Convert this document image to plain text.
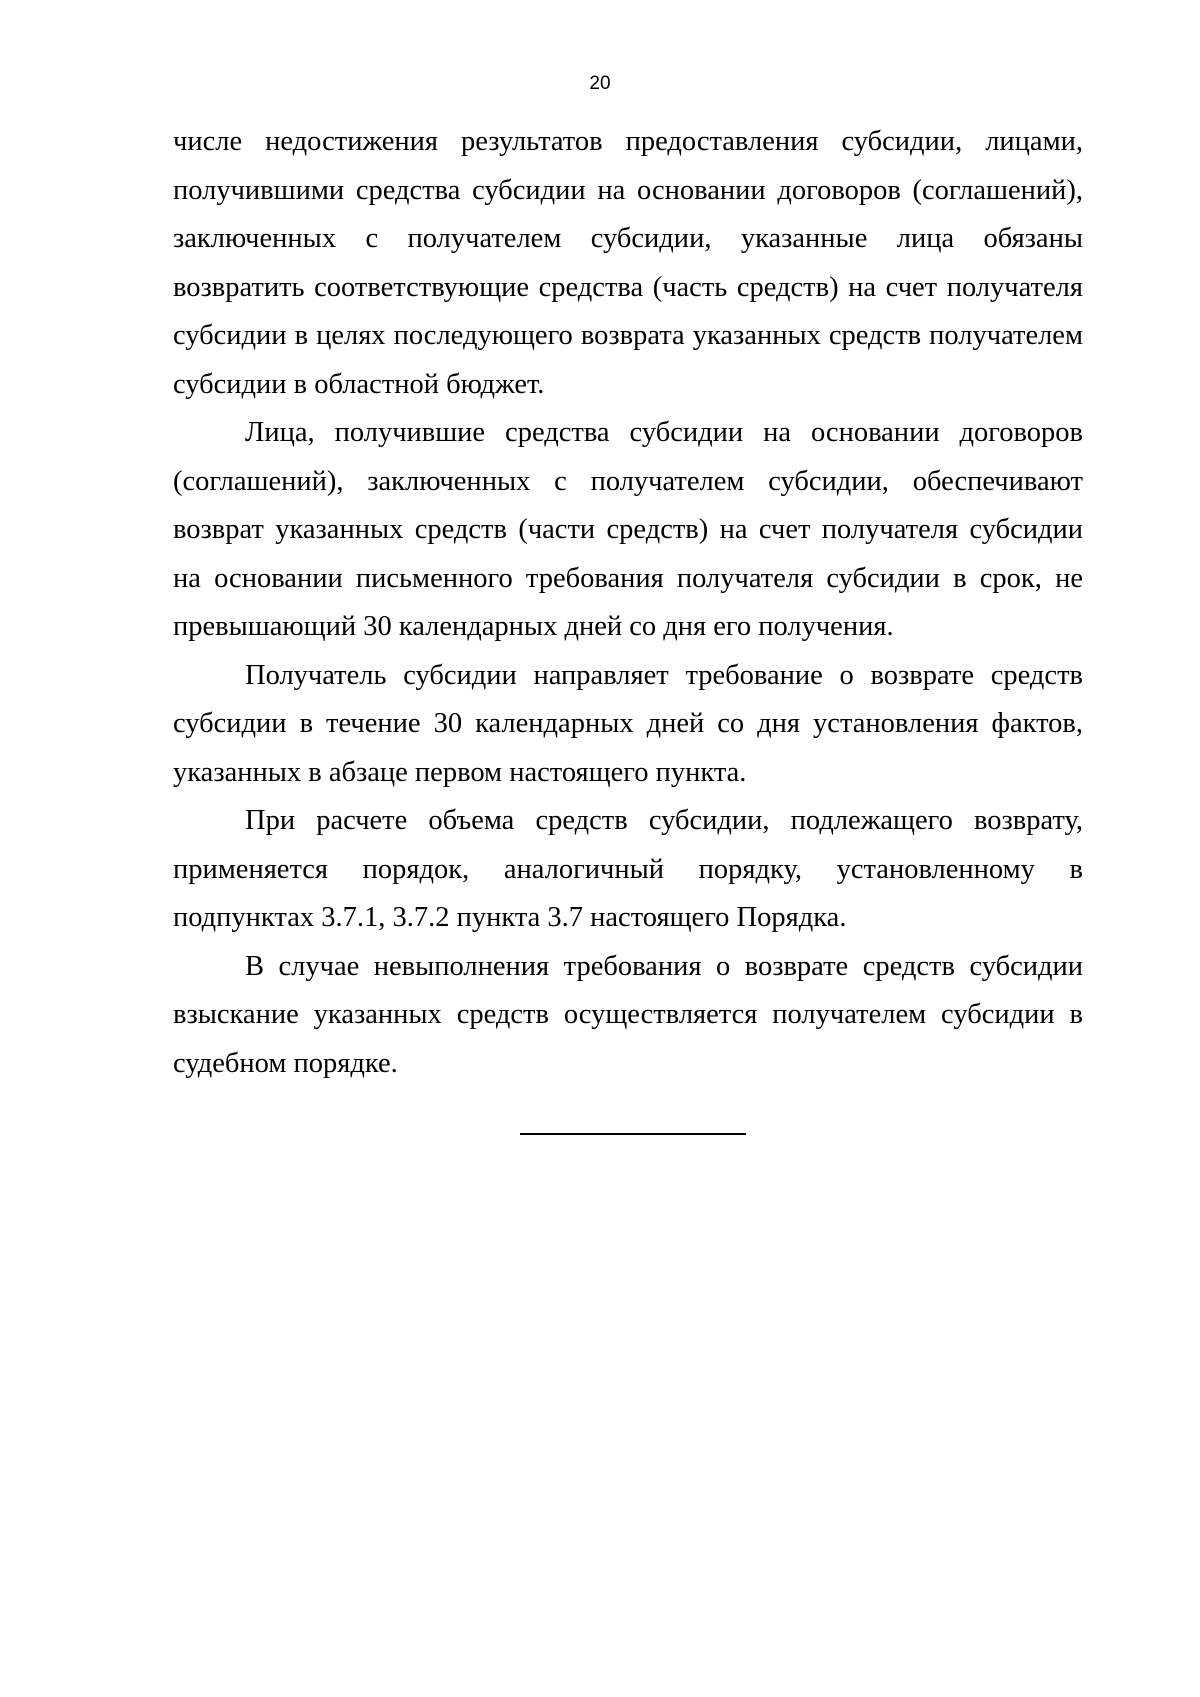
20

числе недостижения результатов предоставления субсидии, лицами, получившими средства субсидии на основании договоров (соглашений), заключенных с получателем субсидии, указанные лица обязаны возвратить соответствующие средства (часть средств) на счет получателя субсидии в целях последующего возврата указанных средств получателем субсидии в областной бюджет.

Лица, получившие средства субсидии на основании договоров (соглашений), заключенных с получателем субсидии, обеспечивают возврат указанных средств (части средств) на счет получателя субсидии на основании письменного требования получателя субсидии в срок, не превышающий 30 календарных дней со дня его получения.

Получатель субсидии направляет требование о возврате средств субсидии в течение 30 календарных дней со дня установления фактов, указанных в абзаце первом настоящего пункта.

При расчете объема средств субсидии, подлежащего возврату, применяется порядок, аналогичный порядку, установленному в подпунктах 3.7.1, 3.7.2 пункта 3.7 настоящего Порядка.

В случае невыполнения требования о возврате средств субсидии взыскание указанных средств осуществляется получателем субсидии в судебном порядке.
